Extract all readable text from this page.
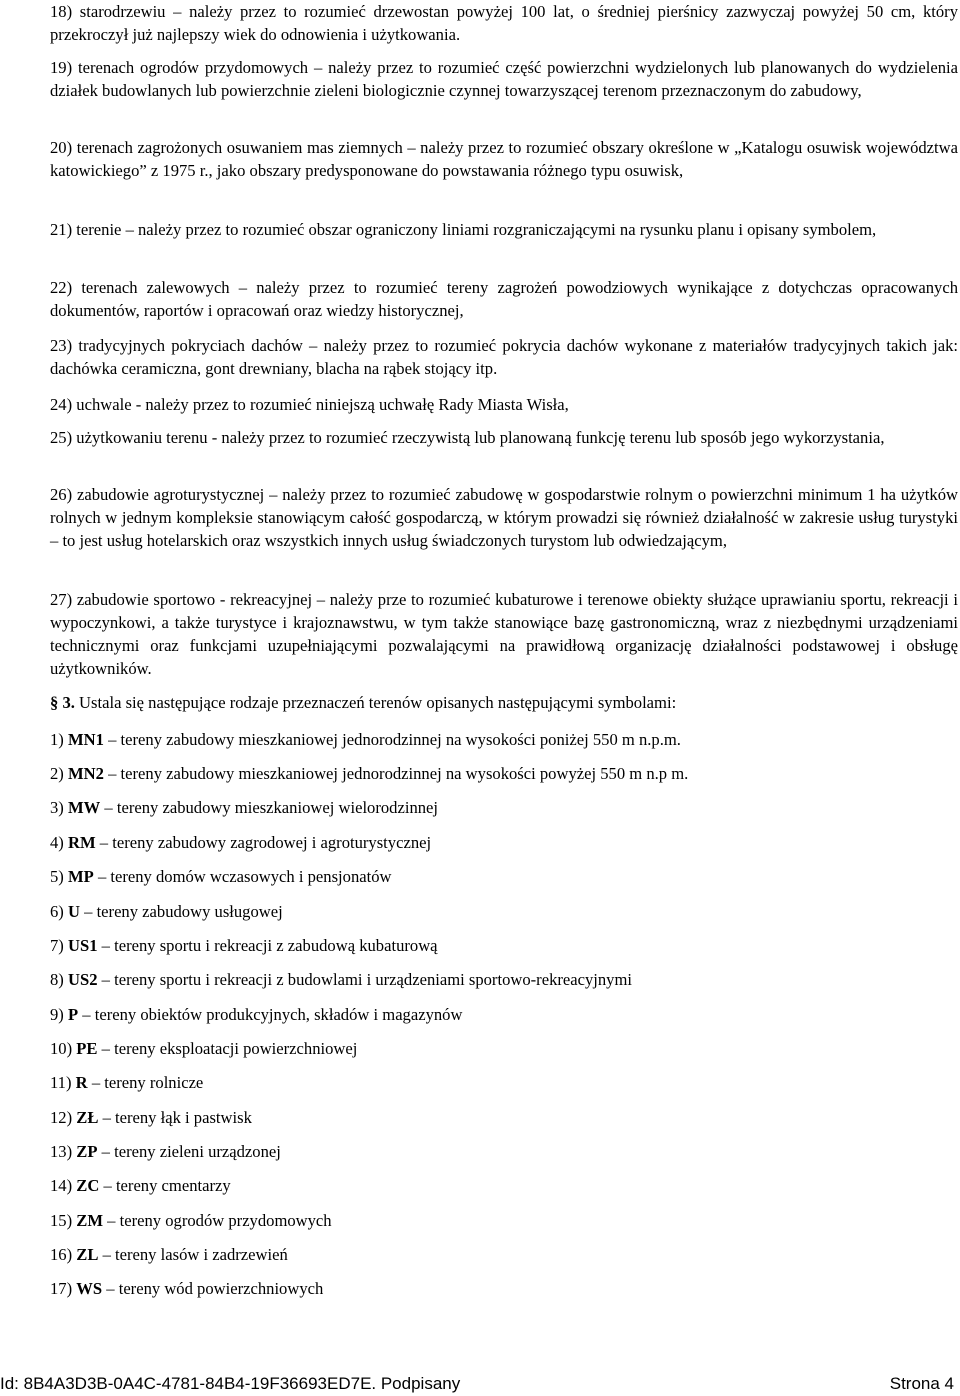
18) starodrzewiu – należy przez to rozumieć drzewostan powyżej 100 lat, o średniej pierśnicy zazwyczaj powyżej 50 cm, który przekroczył już najlepszy wiek do odnowienia i użytkowania.
19) terenach ogrodów przydomowych – należy przez to rozumieć część powierzchni wydzielonych lub planowanych do wydzielenia działek budowlanych lub powierzchnie zieleni biologicznie czynnej towarzyszącej terenom przeznaczonym do zabudowy,
20) terenach zagrożonych osuwaniem mas ziemnych – należy przez to rozumieć obszary określone w „Katalogu osuwisk województwa katowickiego” z 1975 r., jako obszary predysponowane do powstawania różnego typu osuwisk,
21) terenie – należy przez to rozumieć obszar ograniczony liniami rozgraniczającymi na rysunku planu i opisany symbolem,
22) terenach zalewowych – należy przez to rozumieć tereny zagrożeń powodziowych wynikające z dotychczas opracowanych dokumentów, raportów i opracowań oraz wiedzy historycznej,
23) tradycyjnych pokryciach dachów – należy przez to rozumieć pokrycia dachów wykonane z materiałów tradycyjnych takich jak: dachówka ceramiczna, gont drewniany, blacha na rąbek stojący itp.
24) uchwale - należy przez to rozumieć niniejszą uchwałę Rady Miasta Wisła,
25) użytkowaniu terenu - należy przez to rozumieć rzeczywistą lub planowaną funkcję terenu lub sposób jego wykorzystania,
26) zabudowie agroturystycznej – należy przez to rozumieć zabudowę w gospodarstwie rolnym o powierzchni minimum 1 ha użytków rolnych w jednym kompleksie stanowiącym całość gospodarczą, w którym prowadzi się również działalność w zakresie usług turystyki – to jest usług hotelarskich oraz wszystkich innych usług świadczonych turystom lub odwiedzającym,
27) zabudowie sportowo - rekreacyjnej – należy prze to rozumieć kubaturowe i terenowe obiekty służące uprawianiu sportu, rekreacji i wypoczynkowi, a także turystyce i krajoznawstwu, w tym także stanowiące bazę gastronomiczną, wraz z niezbędnymi urządzeniami technicznymi oraz funkcjami uzupełniającymi pozwalającymi na prawidłową organizację działalności podstawowej i obsługę użytkowników.
§ 3. Ustala się następujące rodzaje przeznaczeń terenów opisanych następującymi symbolami:
1) MN1 – tereny zabudowy mieszkaniowej jednorodzinnej na wysokości poniżej 550 m n.p.m.
2) MN2 – tereny zabudowy mieszkaniowej jednorodzinnej na wysokości powyżej 550 m n.p m.
3) MW – tereny zabudowy mieszkaniowej wielorodzinnej
4) RM – tereny zabudowy zagrodowej i agroturystycznej
5) MP – tereny domów wczasowych i pensjonatów
6) U – tereny zabudowy usługowej
7) US1 – tereny sportu i rekreacji z zabudową kubaturową
8) US2 – tereny sportu i rekreacji z budowlami i urządzeniami sportowo-rekreacyjnymi
9) P – tereny obiektów produkcyjnych, składów i magazynów
10) PE – tereny eksploatacji powierzchniowej
11) R – tereny rolnicze
12) ZŁ – tereny łąk i pastwisk
13) ZP – tereny zieleni urządzonej
14) ZC – tereny cmentarzy
15) ZM – tereny ogrodów przydomowych
16) ZL – tereny lasów i zadrzewień
17) WS – tereny wód powierzchniowych
Id: 8B4A3D3B-0A4C-4781-84B4-19F36693ED7E. Podpisany	Strona 4
